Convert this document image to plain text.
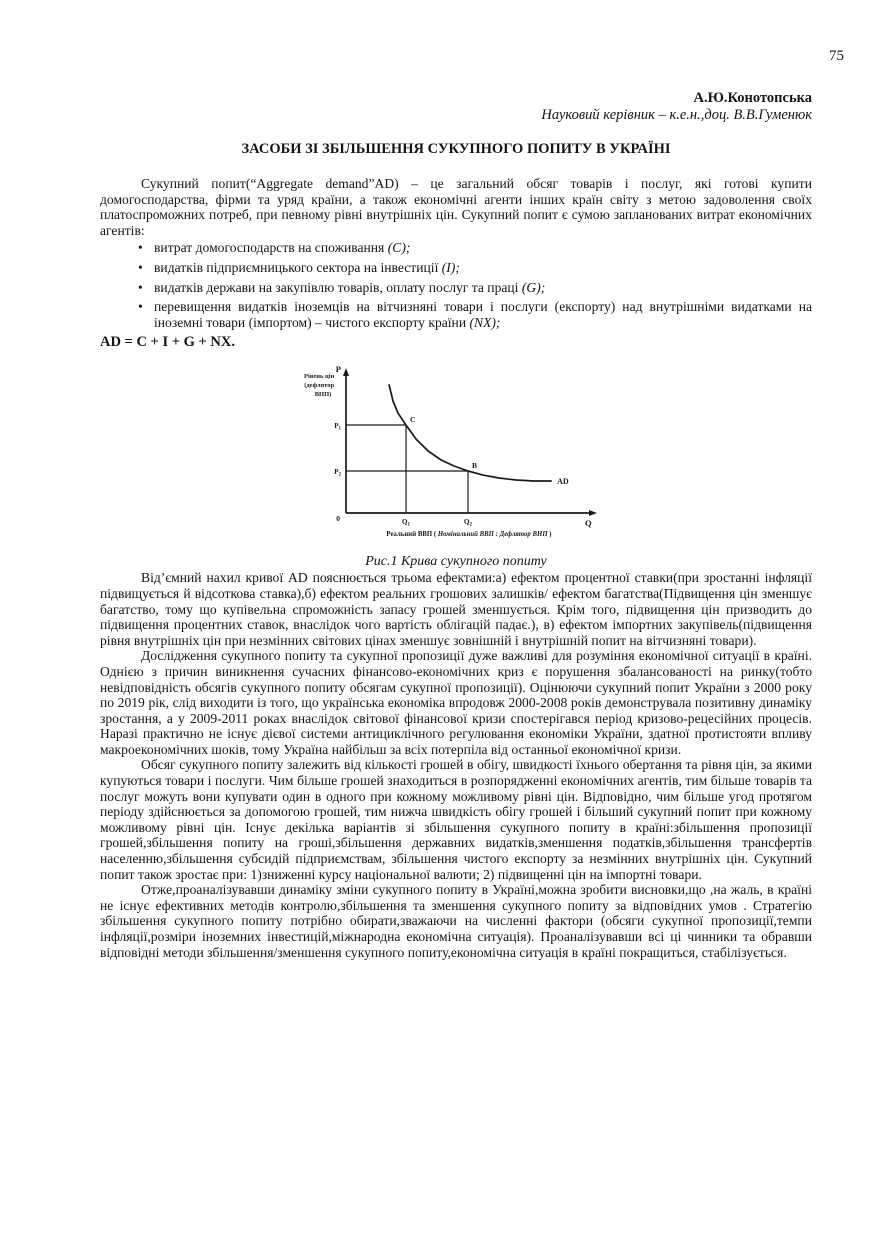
75
А.Ю.Конотопська
Науковий керівник – к.е.н.,доц. В.В.Гуменюк
ЗАСОБИ ЗІ ЗБІЛЬШЕННЯ СУКУПНОГО ПОПИТУ В УКРАЇНІ

Сукупний попит(“Aggregate demand”AD) – це загальний обсяг товарів і послуг, які готові купити домогосподарства, фірми та уряд країни, а також економічні агенти інших країн світу з метою задоволення своїх платоспроможних потреб, при певному рівні внутрішніх цін. Сукупний попит є сумою запланованих витрат економічних агентів:

• витрат домогосподарств на споживання (C);
• видатків підприємницького сектора на інвестиції (I);
• видатків держави на закупівлю товарів, оплату послуг та праці (G);
• перевищення видатків іноземців на вітчизняні товари і послуги (експорту) над внутрішніми видатками на іноземні товари (імпортом) – чистого експорту країни (NX);
AD = C + I + G + NX.
P
Q
0
Рівень цін (дефлятор ВНП)
C
$P_1$
$Q_1$
B
$P_2$
$Q_2$
AD
Реальний ВВП ( Номінальний ВВП : Дефлятор ВНП )
Рис.1 Крива сукупного попиту

Від’ємний нахил кривої AD пояснюється трьома ефектами:а) ефектом процентної ставки(при зростанні інфляції підвищується й відсоткова ставка),б) ефектом реальних грошових залишків/ ефектом багатства(Підвищення цін зменшує багатство, тому що купівельна спроможність запасу грошей зменшується. Крім того, підвищення цін призводить до підвищення процентних ставок, внаслідок чого вартість облігацій падає.), в) ефектом імпортних закупівель(підвищення рівня внутрішніх цін при незмінних світових цінах зменшує зовнішній і внутрішній попит на вітчизняні товари).

Дослідження сукупного попиту та сукупної пропозиції дуже важливі для розуміння економічної ситуації в країні. Однією з причин виникнення сучасних фінансово-економічних криз є порушення збалансованості на ринку(тобто невідповідність обсягів сукупного попиту обсягам сукупної пропозиції). Оцінюючи сукупний попит України з 2000 року по 2019 рік, слід виходити із того, що українська економіка впродовж 2000-2008 років демонструвала позитивну динаміку зростання, а у 2009-2011 роках внаслідок світової фінансової кризи спостерігався період кризово-рецесійних процесів. Наразі практично не існує дієвої системи антициклічного регулювання економіки України, здатної протистояти впливу макроекономічних шоків, тому Україна найбільш за всіх потерпіла від останньої економічної кризи.

Обсяг сукупного попиту залежить від кількості грошей в обігу, швидкості їхнього обертання та рівня цін, за якими купуються товари і послуги. Чим більше грошей знаходиться в розпорядженні економічних агентів, тим більше товарів та послуг можуть вони купувати один в одного при кожному можливому рівні цін. Відповідно, чим більше угод протягом періоду здійснюється за допомогою грошей, тим нижча швидкість обігу грошей і більший сукупний попит при кожному можливому рівні цін. Існує декілька варіантів зі збільшення сукупного попиту в країні:збільшення пропозиції грошей,збільшення попиту на гроші,збільшення державних видатків,зменшення податків,збільшення трансфертів населенню,збільшення субсидій підприємствам, збільшення чистого експорту за незмінних внутрішніх цін. Сукупний попит також зростає при: 1)зниженні курсу національної валюти; 2) підвищенні цін на імпортні товари.

Отже,проаналізувавши динаміку зміни сукупного попиту в Україні,можна зробити висновки,що ,на жаль, в країні не існує ефективних методів контролю,збільшення та зменшення сукупного попиту за відповідних умов . Стратегію збільшення сукупного попиту потрібно обирати,зважаючи на численні фактори (обсяги сукупної пропозиції,темпи інфляції,розміри іноземних інвестицій,міжнародна економічна ситуація). Проаналізувавши всі ці чинники та обравши відповідні методи збільшення/зменшення сукупного попиту,економічна ситуація в країні покращиться, стабілізується.
